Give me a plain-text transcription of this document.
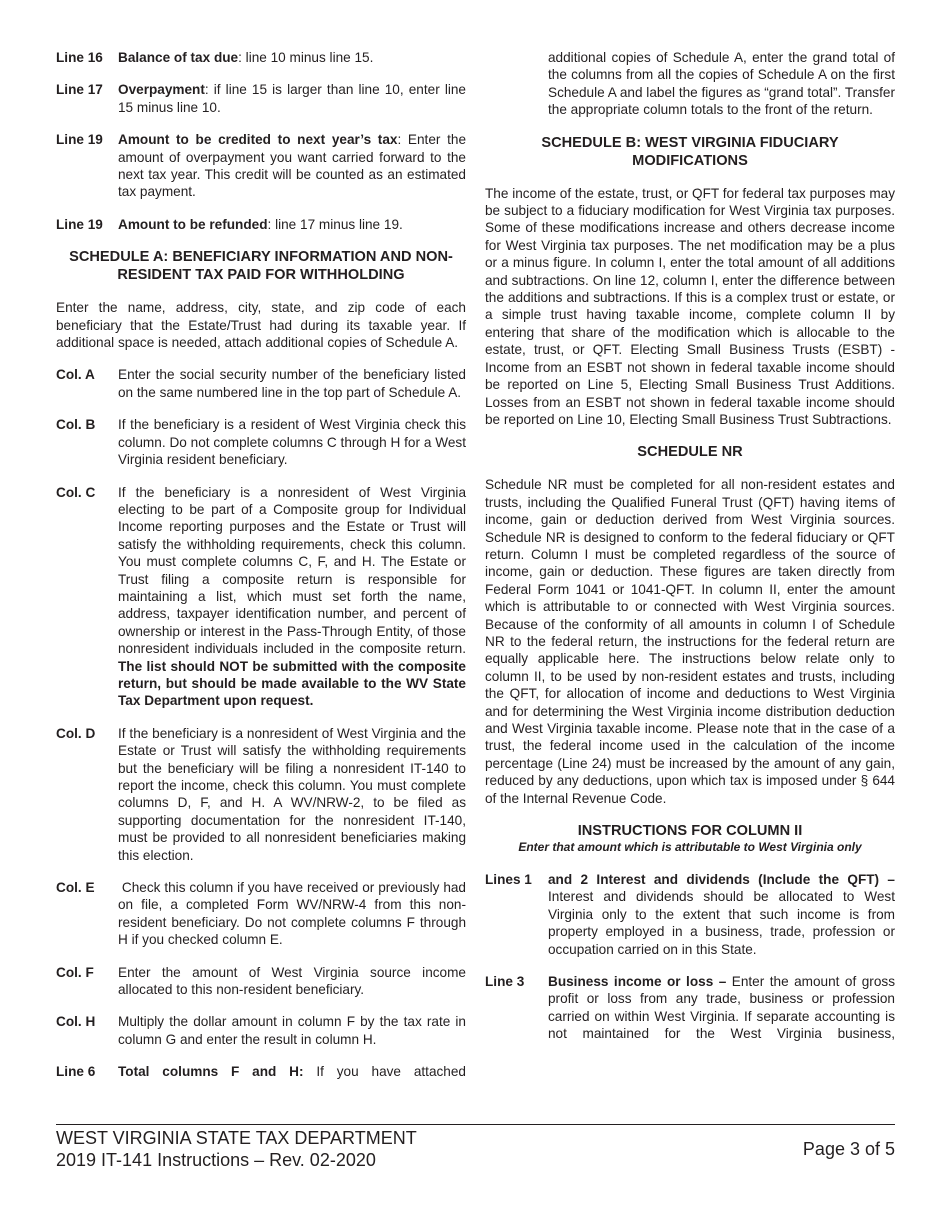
Line 16	Balance of tax due: line 10 minus line 15.
Line 17	Overpayment: if line 15 is larger than line 10, enter line 15 minus line 10.
Line 19	Amount to be credited to next year’s tax: Enter the amount of overpayment you want carried forward to the next tax year. This credit will be counted as an estimated tax payment.
Line 19	Amount to be refunded: line 17 minus line 19.
SCHEDULE A: BENEFICIARY INFORMATION AND NON-RESIDENT TAX PAID FOR WITHHOLDING

Enter the name, address, city, state, and zip code of each beneficiary that the Estate/Trust had during its taxable year. If additional space is needed, attach additional copies of Schedule A.

Col. A	Enter the social security number of the beneficiary listed on the same numbered line in the top part of Schedule A.
Col. B	If the beneficiary is a resident of West Virginia check this column. Do not complete columns C through H for a West Virginia resident beneficiary.
Col. C	If the beneficiary is a nonresident of West Virginia electing to be part of a Composite group for Individual Income reporting purposes and the Estate or Trust will satisfy the withholding requirements, check this column. You must complete columns C, F, and H. The Estate or Trust filing a composite return is responsible for maintaining a list, which must set forth the name, address, taxpayer identification number, and percent of ownership or interest in the Pass-Through Entity, of those nonresident individuals included in the composite return. The list should NOT be submitted with the composite return, but should be made available to the WV State Tax Department upon request.
Col. D	If the beneficiary is a nonresident of West Virginia and the Estate or Trust will satisfy the withholding requirements but the beneficiary will be filing a nonresident IT-140 to report the income, check this column. You must complete columns D, F, and H. A WV/NRW-2, to be filed as supporting documentation for the nonresident IT-140, must be provided to all nonresident beneficiaries making this election.
Col. E	Check this column if you have received or previously had on file, a completed Form WV/NRW-4 from this non-resident beneficiary. Do not complete columns F through H if you checked column E.
Col. F	Enter the amount of West Virginia source income allocated to this non-resident beneficiary.
Col. H	Multiply the dollar amount in column F by the tax rate in column G and enter the result in column H.
Line 6	Total columns F and H: If you have attached
additional copies of Schedule A, enter the grand total of the columns from all the copies of Schedule A on the first Schedule A and label the figures as “grand total”. Transfer the appropriate column totals to the front of the return.
SCHEDULE B: WEST VIRGINIA FIDUCIARY MODIFICATIONS

The income of the estate, trust, or QFT for federal tax purposes may be subject to a fiduciary modification for West Virginia tax purposes. Some of these modifications increase and others decrease income for West Virginia tax purposes. The net modification may be a plus or a minus figure. In column I, enter the total amount of all additions and subtractions. On line 12, column I, enter the difference between the additions and subtractions. If this is a complex trust or estate, or a simple trust having taxable income, complete column II by entering that share of the modification which is allocable to the estate, trust, or QFT. Electing Small Business Trusts (ESBT) - Income from an ESBT not shown in federal taxable income should be reported on Line 5, Electing Small Business Trust Additions. Losses from an ESBT not shown in federal taxable income should be reported on Line 10, Electing Small Business Trust Subtractions.

SCHEDULE NR

Schedule NR must be completed for all non-resident estates and trusts, including the Qualified Funeral Trust (QFT) having items of income, gain or deduction derived from West Virginia sources. Schedule NR is designed to conform to the federal fiduciary or QFT return. Column I must be completed regardless of the source of income, gain or deduction. These figures are taken directly from Federal Form 1041 or 1041-QFT. In column II, enter the amount which is attributable to or connected with West Virginia sources. Because of the conformity of all amounts in column I of Schedule NR to the federal return, the instructions for the federal return are equally applicable here. The instructions below relate only to column II, to be used by non-resident estates and trusts, including the QFT, for allocation of income and deductions to West Virginia and for determining the West Virginia income distribution deduction and West Virginia taxable income. Please note that in the case of a trust, the federal income used in the calculation of the income percentage (Line 24) must be increased by the amount of any gain, reduced by any deductions, upon which tax is imposed under § 644 of the Internal Revenue Code.

INSTRUCTIONS FOR COLUMN II
Enter that amount which is attributable to West Virginia only
Lines 1	and 2 Interest and dividends (Include the QFT) – Interest and dividends should be allocated to West Virginia only to the extent that such income is from property employed in a business, trade, profession or occupation carried on in this State.
Line 3	Business income or loss – Enter the amount of gross profit or loss from any trade, business or profession carried on within West Virginia. If separate accounting is not maintained for the West Virginia business,
WEST VIRGINIA STATE TAX DEPARTMENT
2019 IT-141 Instructions – Rev. 02-2020
Page 3 of 5
